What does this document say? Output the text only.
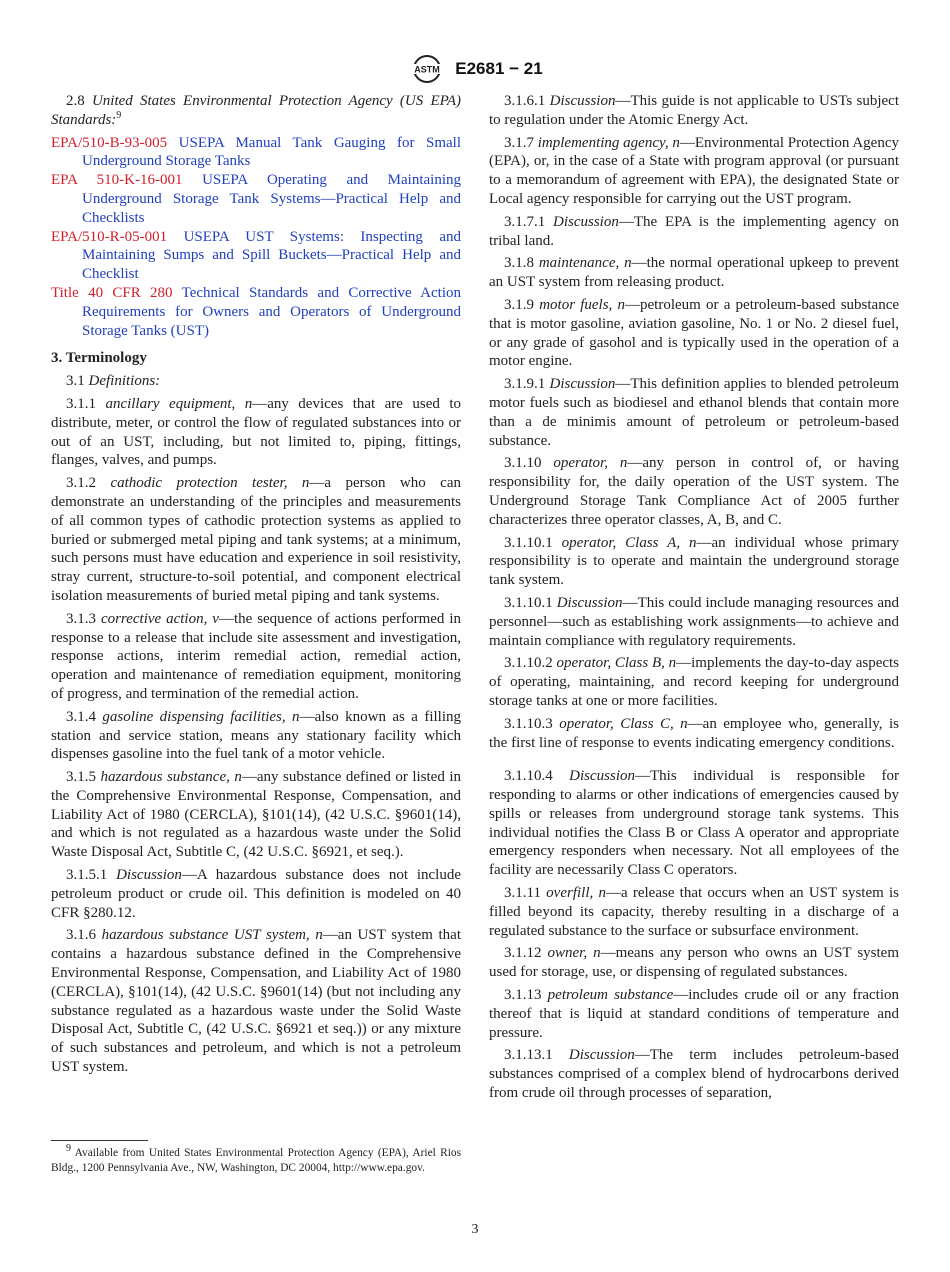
ASTM E2681 − 21

2.8 United States Environmental Protection Agency (US EPA) Standards:$^9$

EPA/510-B-93-005 USEPA Manual Tank Gauging for Small Underground Storage Tanks

EPA 510-K-16-001 USEPA Operating and Maintaining Underground Storage Tank Systems—Practical Help and Checklists

EPA/510-R-05-001 USEPA UST Systems: Inspecting and Maintaining Sumps and Spill Buckets—Practical Help and Checklist

Title 40 CFR 280 Technical Standards and Corrective Action Requirements for Owners and Operators of Underground Storage Tanks (UST)

3. Terminology

3.1 Definitions:

3.1.1 ancillary equipment, n—any devices that are used to distribute, meter, or control the flow of regulated substances into or out of an UST, including, but not limited to, piping, fittings, flanges, valves, and pumps.

3.1.2 cathodic protection tester, n—a person who can demonstrate an understanding of the principles and measurements of all common types of cathodic protection systems as applied to buried or submerged metal piping and tank systems; at a minimum, such persons must have education and experience in soil resistivity, stray current, structure-to-soil potential, and component electrical isolation measurements of buried metal piping and tank systems.

3.1.3 corrective action, v—the sequence of actions performed in response to a release that include site assessment and investigation, response actions, interim remedial action, remedial action, operation and maintenance of remediation equipment, monitoring of progress, and termination of the remedial action.

3.1.4 gasoline dispensing facilities, n—also known as a filling station and service station, means any stationary facility which dispenses gasoline into the fuel tank of a motor vehicle.

3.1.5 hazardous substance, n—any substance defined or listed in the Comprehensive Environmental Response, Compensation, and Liability Act of 1980 (CERCLA), §101(14), (42 U.S.C. §9601(14), and which is not regulated as a hazardous waste under the Solid Waste Disposal Act, Subtitle C, (42 U.S.C. §6921, et seq.).

3.1.5.1 Discussion—A hazardous substance does not include petroleum product or crude oil. This definition is modeled on 40 CFR §280.12.

3.1.6 hazardous substance UST system, n—an UST system that contains a hazardous substance defined in the Comprehensive Environmental Response, Compensation, and Liability Act of 1980 (CERCLA), §101(14), (42 U.S.C. §9601(14) (but not including any substance regulated as a hazardous waste under the Solid Waste Disposal Act, Subtitle C, (42 U.S.C. §6921 et seq.)) or any mixture of such substances and petroleum, and which is not a petroleum UST system.

$^9$ Available from United States Environmental Protection Agency (EPA), Ariel Rios Bldg., 1200 Pennsylvania Ave., NW, Washington, DC 20004, http://www.epa.gov.

3.1.6.1 Discussion—This guide is not applicable to USTs subject to regulation under the Atomic Energy Act.

3.1.7 implementing agency, n—Environmental Protection Agency (EPA), or, in the case of a State with program approval (or pursuant to a memorandum of agreement with EPA), the designated State or Local agency responsible for carrying out the UST program.

3.1.7.1 Discussion—The EPA is the implementing agency on tribal land.

3.1.8 maintenance, n—the normal operational upkeep to prevent an UST system from releasing product.

3.1.9 motor fuels, n—petroleum or a petroleum-based substance that is motor gasoline, aviation gasoline, No. 1 or No. 2 diesel fuel, or any grade of gasohol and is typically used in the operation of a motor engine.

3.1.9.1 Discussion—This definition applies to blended petroleum motor fuels such as biodiesel and ethanol blends that contain more than a de minimis amount of petroleum or petroleum-based substance.

3.1.10 operator, n—any person in control of, or having responsibility for, the daily operation of the UST system. The Underground Storage Tank Compliance Act of 2005 further characterizes three operator classes, A, B, and C.

3.1.10.1 operator, Class A, n—an individual whose primary responsibility is to operate and maintain the underground storage tank system.

3.1.10.1 Discussion—This could include managing resources and personnel—such as establishing work assignments—to achieve and maintain compliance with regulatory requirements.

3.1.10.2 operator, Class B, n—implements the day-to-day aspects of operating, maintaining, and record keeping for underground storage tanks at one or more facilities.

3.1.10.3 operator, Class C, n—an employee who, generally, is the first line of response to events indicating emergency conditions.

3.1.10.4 Discussion—This individual is responsible for responding to alarms or other indications of emergencies caused by spills or releases from underground storage tank systems. This individual notifies the Class B or Class A operator and appropriate emergency responders when necessary. Not all employees of the facility are necessarily Class C operators.

3.1.11 overfill, n—a release that occurs when an UST system is filled beyond its capacity, thereby resulting in a discharge of a regulated substance to the surface or subsurface environment.

3.1.12 owner, n—means any person who owns an UST system used for storage, use, or dispensing of regulated substances.

3.1.13 petroleum substance—includes crude oil or any fraction thereof that is liquid at standard conditions of temperature and pressure.

3.1.13.1 Discussion—The term includes petroleum-based substances comprised of a complex blend of hydrocarbons derived from crude oil through processes of separation,

3
